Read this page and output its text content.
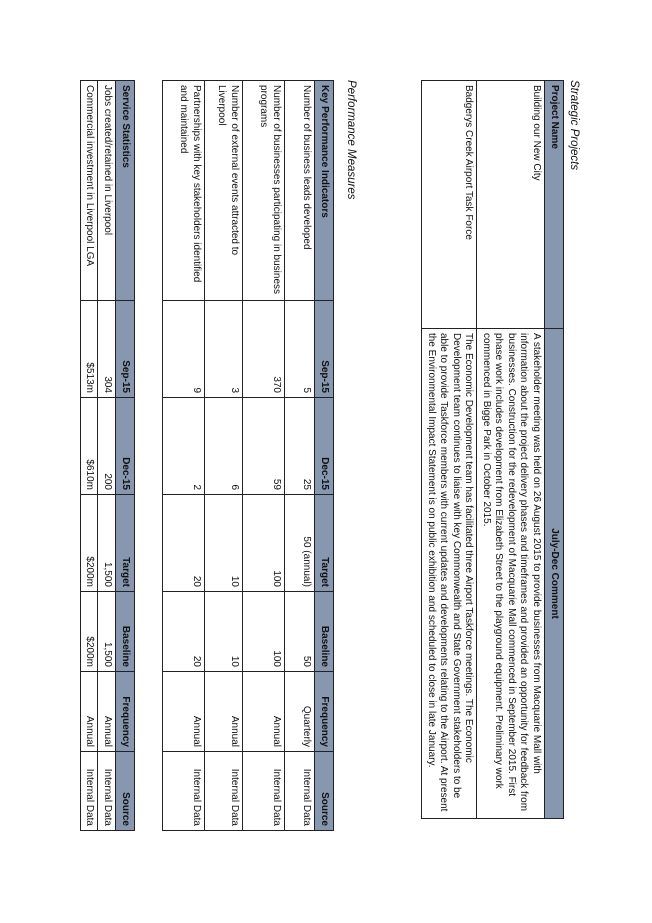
Strategic Projects
Project Name	July-Dec Comment
Building our New City	A stakeholder meeting was held on 26 August 2015 to provide businesses from Macquarie Mall with information about the project delivery phases and timeframes and provided an opportunity for feedback from businesses. Construction for the redevelopment of Macquarie Mall commenced in September 2015. First phase work includes development from Elizabeth Street to the playground equipment. Preliminary work commenced in Bigge Park in October 2015.
Badgerys Creek Airport Task Force	The Economic Development team has facilitated three Airport Taskforce meetings. The Economic Development team continues to liaise with key Commonwealth and State Government stakeholders to be able to provide Taskforce members with current updates and developments relating to the Airport. At present the Environmental Impact Statement is on public exhibition and scheduled to close in late January.
Performance Measures
Key Performance Indicators	Sep-15	Dec-15	Target	Baseline	Frequency	Source
Number of business leads developed	5	25	50 (annual)	50	Quarterly	Internal Data
Number of businesses participating in business programs	370	59	100	100	Annual	Internal Data
Number of external events attracted to Liverpool	3	6	10	10	Annual	Internal Data
Partnerships with key stakeholders identified and maintained	9	2	20	20	Annual	Internal Data
Service Statistics	Sep-15	Dec-15	Target	Baseline	Frequency	Source
Jobs created/retained in Liverpool	304	200	1,500	1,500	Annual	Internal Data
Commercial investment in Liverpool LGA	$513m	$610m	$200m	$200m	Annual	Internal Data
